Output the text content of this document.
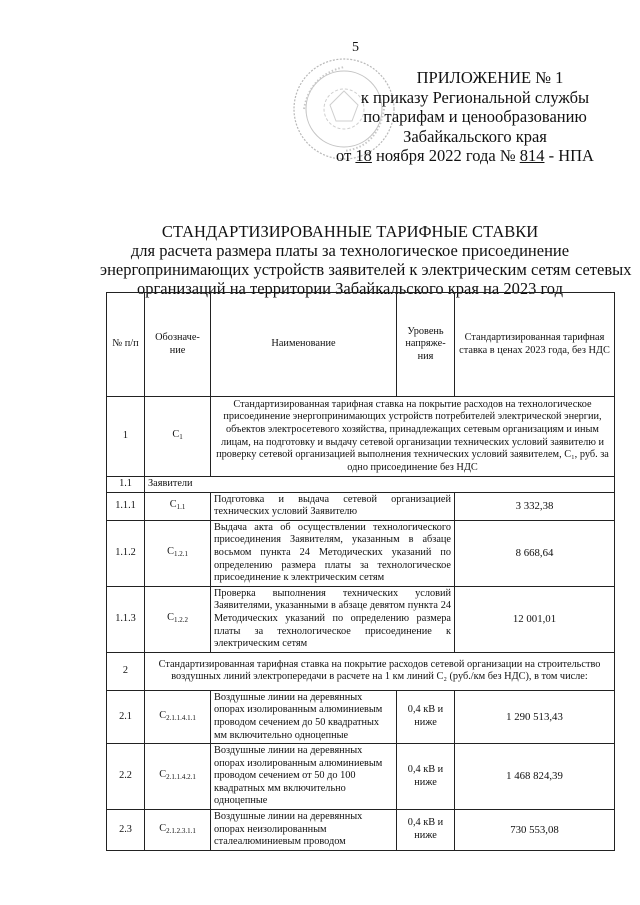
5
ПРИЛОЖЕНИЕ № 1
к приказу Региональной службы
по тарифам и ценообразованию
Забайкальского края
от 18 ноября 2022 года № 814 - НПА
СТАНДАРТИЗИРОВАННЫЕ ТАРИФНЫЕ СТАВКИ
для расчета размера платы за технологическое присоединение
энергопринимающих устройств заявителей к электрическим сетям сетевых
организаций на территории Забайкальского края на 2023 год
№ п/п	Обозначе-ние	Наименование	Уровень напряже-ния	Стандартизированная тарифная ставка в ценах 2023 года, без НДС
1	$C_1$	Стандартизированная тарифная ставка на покрытие расходов на технологическое присоединение энергопринимающих устройств потребителей электрической энергии, объектов электросетевого хозяйства, принадлежащих сетевым организациям и иным лицам, на подготовку и выдачу сетевой организации технических условий заявителю и проверку сетевой организацией выполнения технических условий заявителем, C₁, руб. за одно присоединение без НДС		
1.1	Заявители			
1.1.1	$C_{1.1}$	Подготовка и выдача сетевой организацией технических условий Заявителю		3 332,38
1.1.2	$C_{1.2.1}$	Выдача акта об осуществлении технологического присоединения Заявителям, указанным в абзаце восьмом пункта 24 Методических указаний по определению размера платы за технологическое присоединение к электрическим сетям		8 668,64
1.1.3	$C_{1.2.2}$	Проверка выполнения технических условий Заявителями, указанными в абзаце девятом пункта 24 Методических указаний по определению размера платы за технологическое присоединение к электрическим сетям		12 001,01
2	Стандартизированная тарифная ставка на покрытие расходов сетевой организации на строительство воздушных линий электропередачи в расчете на 1 км линий C₂ (руб./км без НДС), в том числе:			
2.1	$C_{2.1.1.4.1.1}$	Воздушные линии на деревянных опорах изолированным алюминиевым проводом сечением до 50 квадратных мм включительно одноцепные	0,4 кВ и ниже	1 290 513,43
2.2	$C_{2.1.1.4.2.1}$	Воздушные линии на деревянных опорах изолированным алюминиевым проводом сечением от 50 до 100 квадратных мм включительно одноцепные	0,4 кВ и ниже	1 468 824,39
2.3	$C_{2.1.2.3.1.1}$	Воздушные линии на деревянных опорах неизолированным сталеалюминиевым проводом	0,4 кВ и ниже	730 553,08
